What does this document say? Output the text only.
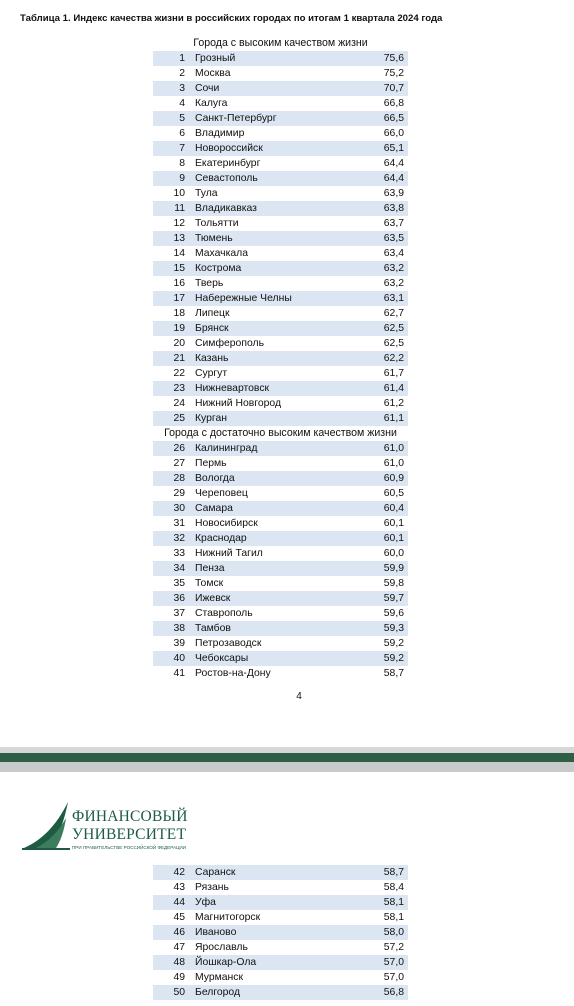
Таблица 1. Индекс качества жизни в российских городах по итогам 1 квартала 2024 года
Города с высоким качеством жизни
1 Грозный	75,6
2 Москва	75,2
3 Сочи	70,7
4 Калуга	66,8
5 Санкт-Петербург	66,5
6 Владимир	66,0
7 Новороссийск	65,1
8 Екатеринбург	64,4
9 Севастополь	64,4
10 Тула	63,9
11 Владикавказ	63,8
12 Тольятти	63,7
13 Тюмень	63,5
14 Махачкала	63,4
15 Кострома	63,2
16 Тверь	63,2
17 Набережные Челны	63,1
18 Липецк	62,7
19 Брянск	62,5
20 Симферополь	62,5
21 Казань	62,2
22 Сургут	61,7
23 Нижневартовск	61,4
24 Нижний Новгород	61,2
25 Курган	61,1
Города с достаточно высоким качеством жизни
26 Калининград	61,0
27 Пермь	61,0
28 Вологда	60,9
29 Череповец	60,5
30 Самара	60,4
31 Новосибирск	60,1
32 Краснодар	60,1
33 Нижний Тагил	60,0
34 Пенза	59,9
35 Томск	59,8
36 Ижевск	59,7
37 Ставрополь	59,6
38 Тамбов	59,3
39 Петрозаводск	59,2
40 Чебоксары	59,2
41 Ростов-на-Дону	58,7
4
ФИНАНСОВЫЙ
УНИВЕРСИТЕТ
ПРИ ПРАВИТЕЛЬСТВЕ РОССИЙСКОЙ ФЕДЕРАЦИИ
42 Саранск	58,7
43 Рязань	58,4
44 Уфа	58,1
45 Магнитогорск	58,1
46 Иваново	58,0
47 Ярославль	57,2
48 Йошкар-Ола	57,0
49 Мурманск	57,0
50 Белгород	56,8
